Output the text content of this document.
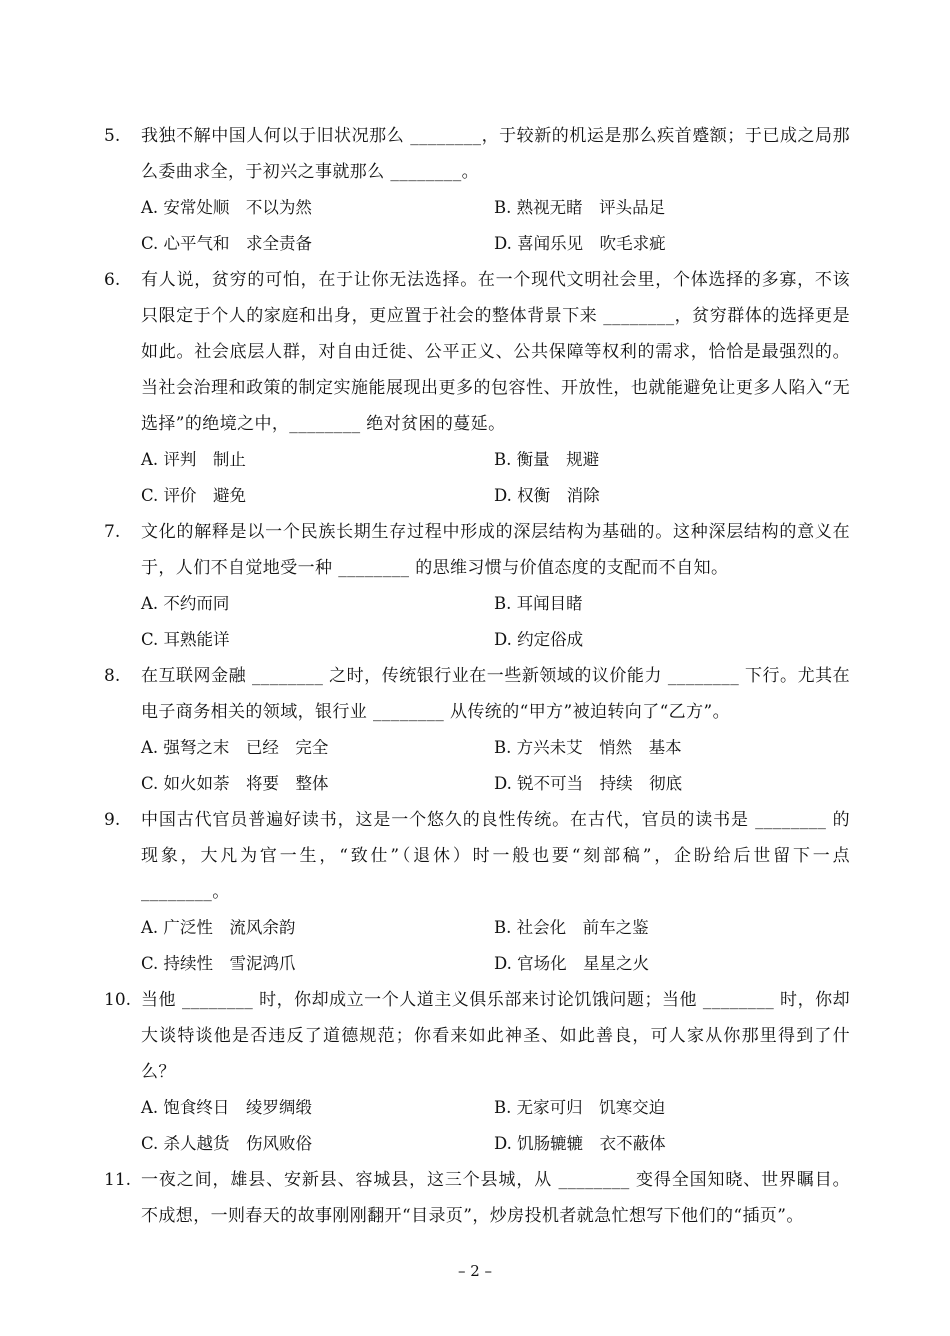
5. 我独不解中国人何以于旧状况那么 ________，于较新的机运是那么疾首蹙额；于已成之局那么委曲求全，于初兴之事就那么 ________。
A. 安常处顺　不以为然	B. 熟视无睹　评头品足
C. 心平气和　求全责备	D. 喜闻乐见　吹毛求疵
6. 有人说，贫穷的可怕，在于让你无法选择。在一个现代文明社会里，个体选择的多寡，不该只限定于个人的家庭和出身，更应置于社会的整体背景下来 ________，贫穷群体的选择更是如此。社会底层人群，对自由迁徙、公平正义、公共保障等权利的需求，恰恰是最强烈的。当社会治理和政策的制定实施能展现出更多的包容性、开放性，也就能避免让更多人陷入“无选择”的绝境之中，________ 绝对贫困的蔓延。
A. 评判　制止	B. 衡量　规避
C. 评价　避免	D. 权衡　消除
7. 文化的解释是以一个民族长期生存过程中形成的深层结构为基础的。这种深层结构的意义在于，人们不自觉地受一种 ________ 的思维习惯与价值态度的支配而不自知。
A. 不约而同	B. 耳闻目睹
C. 耳熟能详	D. 约定俗成
8. 在互联网金融 ________ 之时，传统银行业在一些新领域的议价能力 ________ 下行。尤其在电子商务相关的领域，银行业 ________ 从传统的“甲方”被迫转向了“乙方”。
A. 强弩之末　已经　完全	B. 方兴未艾　悄然　基本
C. 如火如荼　将要　整体	D. 锐不可当　持续　彻底
9. 中国古代官员普遍好读书，这是一个悠久的良性传统。在古代，官员的读书是 ________ 的现象，大凡为官一生，“致仕”（退休）时一般也要“刻部稿”，企盼给后世留下一点 ________。
A. 广泛性　流风余韵	B. 社会化　前车之鉴
C. 持续性　雪泥鸿爪	D. 官场化　星星之火
10. 当他 ________ 时，你却成立一个人道主义俱乐部来讨论饥饿问题；当他 ________ 时，你却大谈特谈他是否违反了道德规范；你看来如此神圣、如此善良，可人家从你那里得到了什么？
A. 饱食终日　绫罗绸缎	B. 无家可归　饥寒交迫
C. 杀人越货　伤风败俗	D. 饥肠辘辘　衣不蔽体
11. 一夜之间，雄县、安新县、容城县，这三个县城，从 ________ 变得全国知晓、世界瞩目。不成想，一则春天的故事刚刚翻开“目录页”，炒房投机者就急忙想写下他们的“插页”。
– 2 –
